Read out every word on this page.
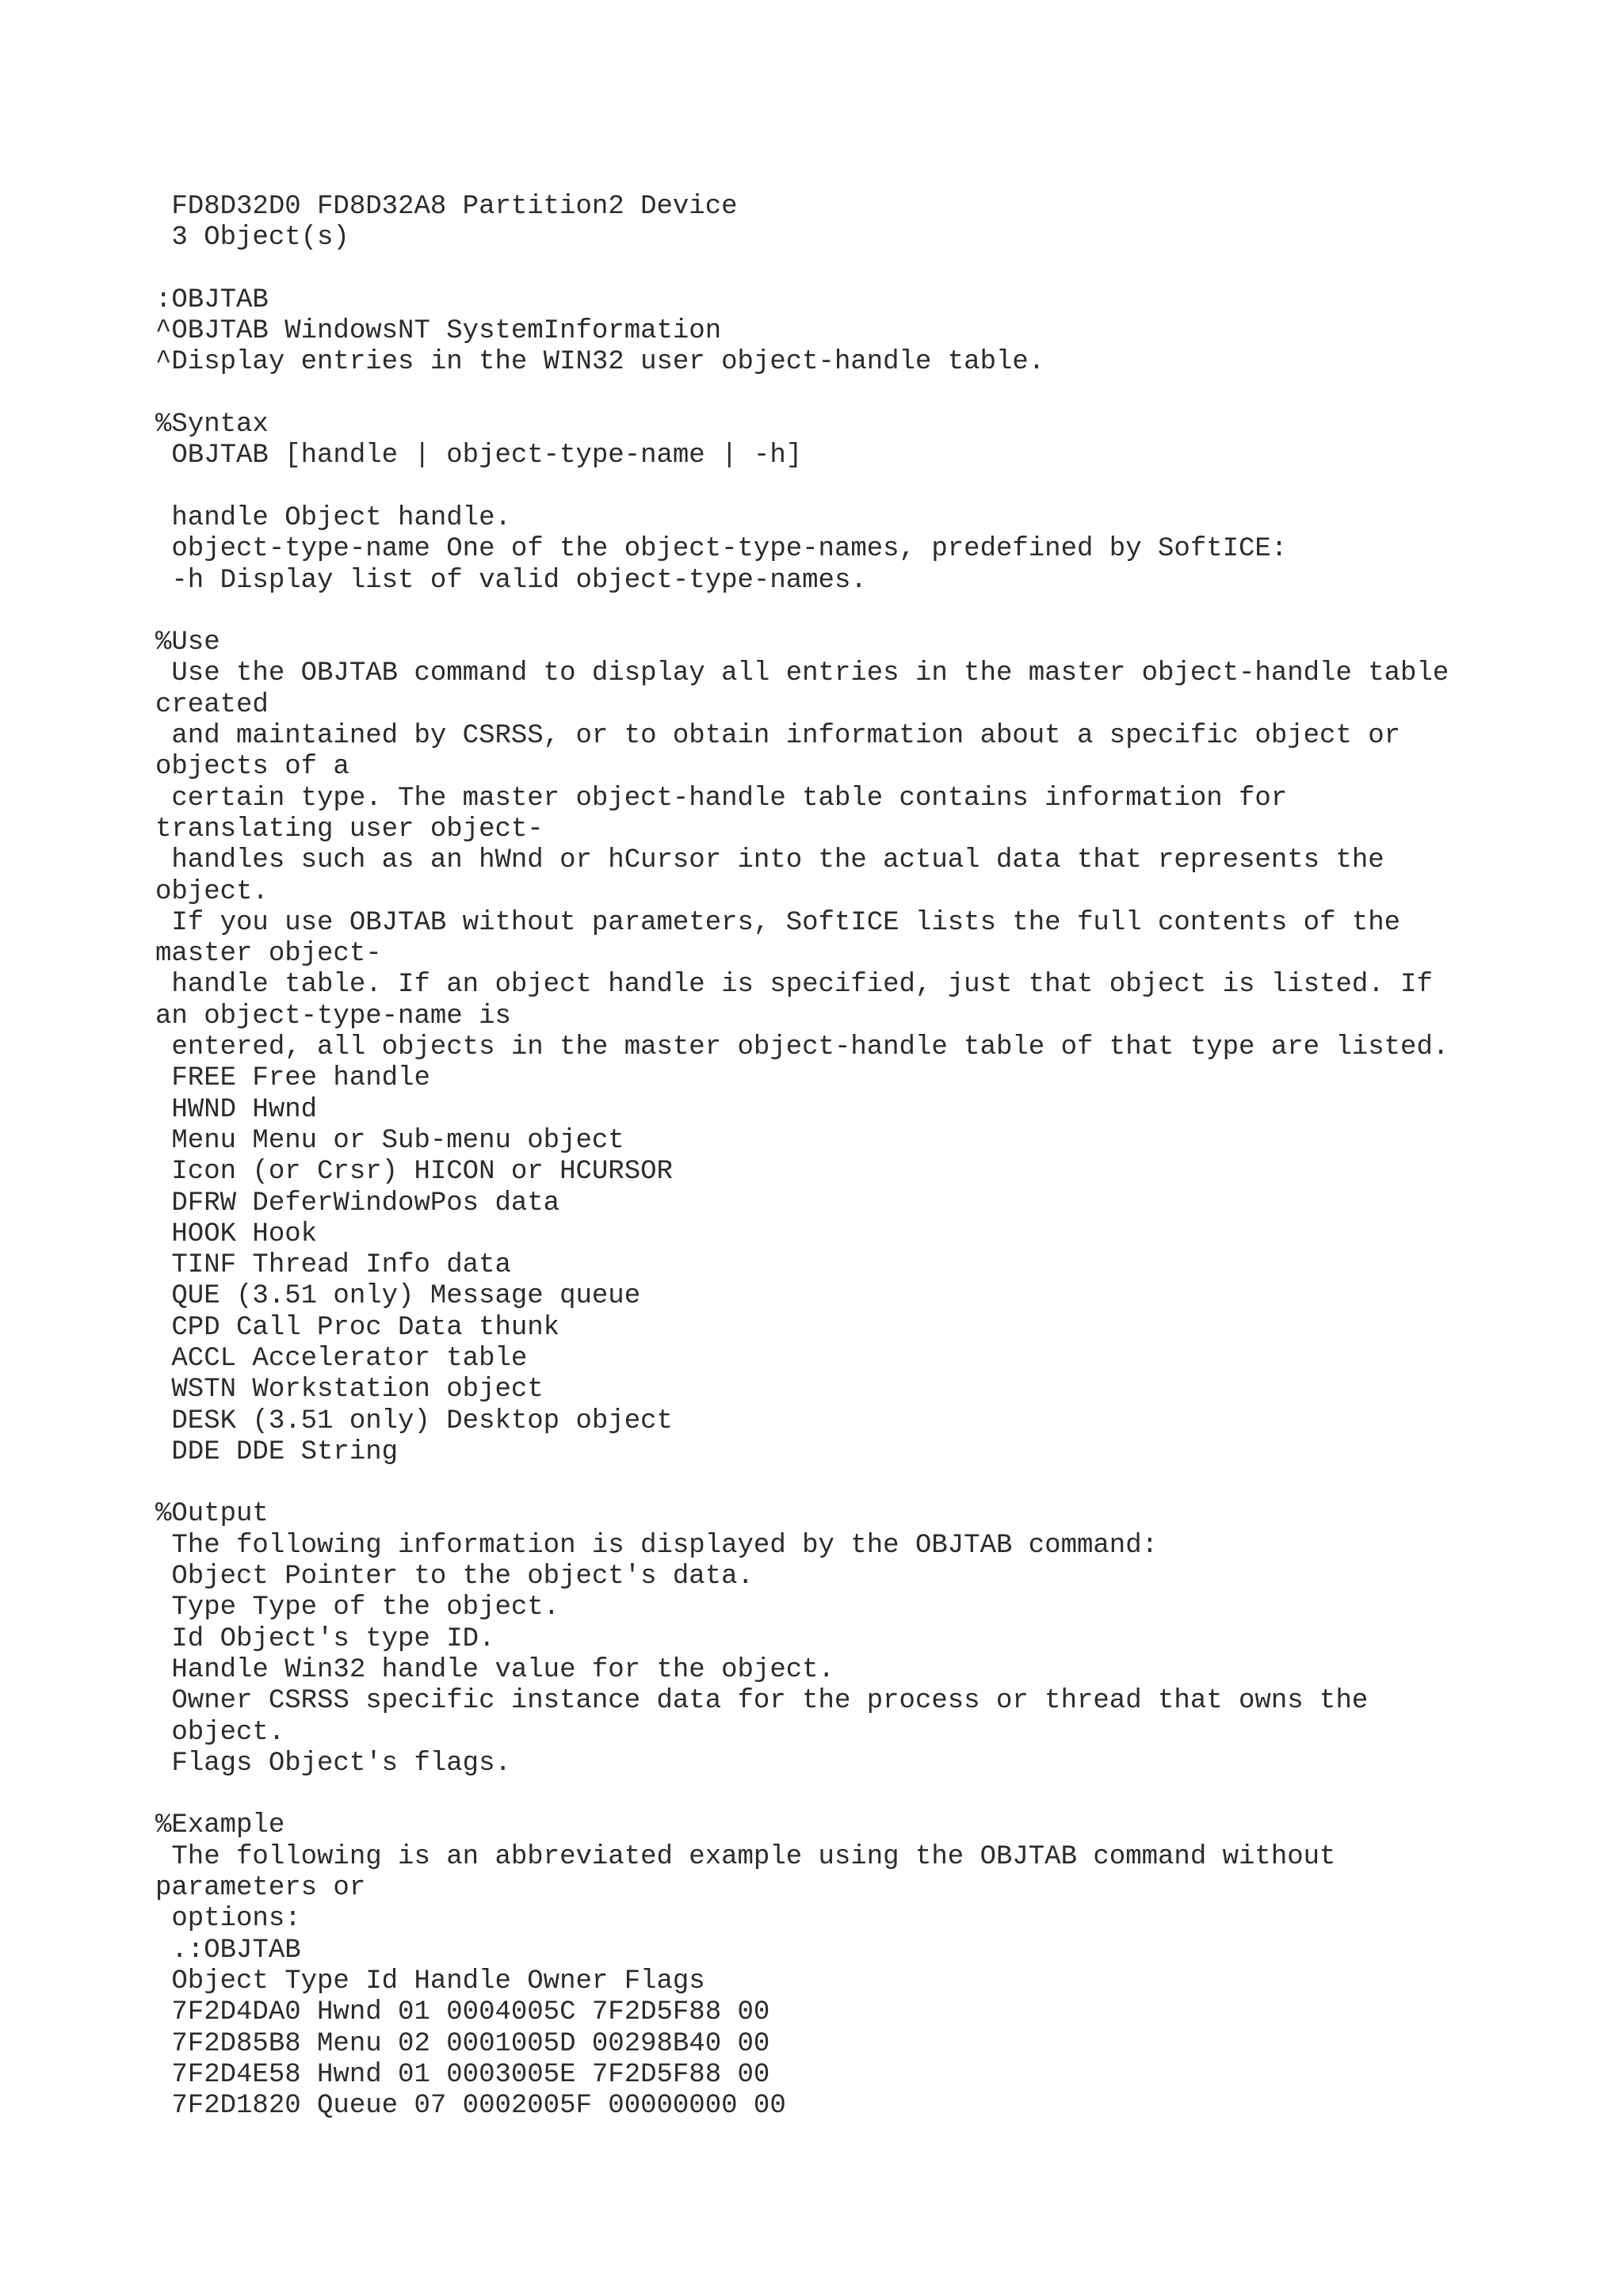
FD8D32D0 FD8D32A8 Partition2 Device
3 Object(s)
:OBJTAB
^OBJTAB WindowsNT SystemInformation
^Display entries in the WIN32 user object-handle table.
%Syntax
OBJTAB [handle | object-type-name | -h]
handle Object handle.
object-type-name One of the object-type-names, predefined by SoftICE:
-h Display list of valid object-type-names.
%Use
Use the OBJTAB command to display all entries in the master object-handle table
created
and maintained by CSRSS, or to obtain information about a specific object or
objects of a
certain type. The master object-handle table contains information for
translating user object-
handles such as an hWnd or hCursor into the actual data that represents the
object.
If you use OBJTAB without parameters, SoftICE lists the full contents of the
master object-
handle table. If an object handle is specified, just that object is listed. If
an object-type-name is
entered, all objects in the master object-handle table of that type are listed.
FREE Free handle
HWND Hwnd
Menu Menu or Sub-menu object
Icon (or Crsr) HICON or HCURSOR
DFRW DeferWindowPos data
HOOK Hook
TINF Thread Info data
QUE (3.51 only) Message queue
CPD Call Proc Data thunk
ACCL Accelerator table
WSTN Workstation object
DESK (3.51 only) Desktop object
DDE DDE String
%Output
The following information is displayed by the OBJTAB command:
Object Pointer to the object's data.
Type Type of the object.
Id Object's type ID.
Handle Win32 handle value for the object.
Owner CSRSS specific instance data for the process or thread that owns the
object.
Flags Object's flags.
%Example
The following is an abbreviated example using the OBJTAB command without
parameters or
options:
.:OBJTAB
Object Type Id Handle Owner Flags
7F2D4DA0 Hwnd 01 0004005C 7F2D5F88 00
7F2D85B8 Menu 02 0001005D 00298B40 00
7F2D4E58 Hwnd 01 0003005E 7F2D5F88 00
7F2D1820 Queue 07 0002005F 00000000 00
